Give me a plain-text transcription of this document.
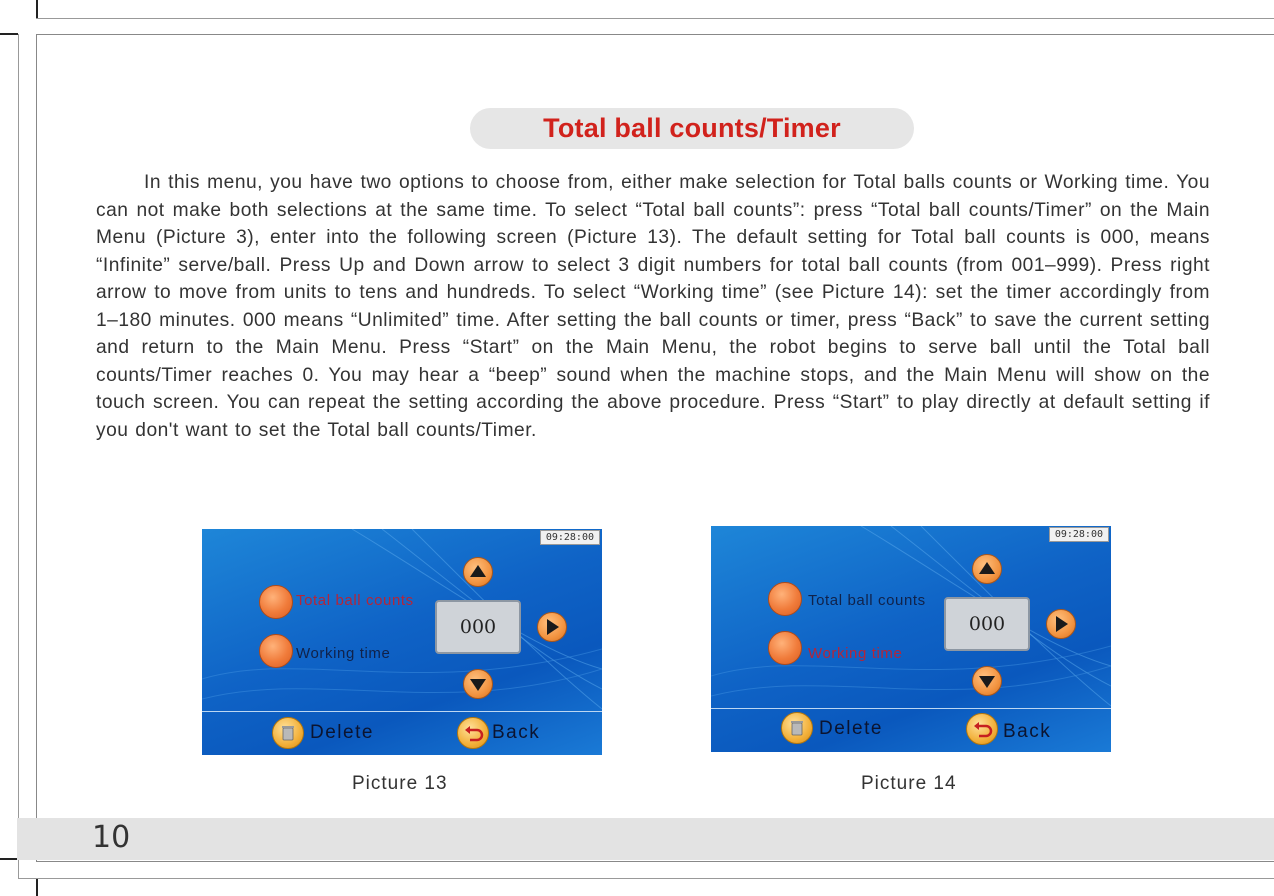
10
Total ball counts/Timer

In this menu, you have two options to choose from, either make selection for Total balls counts or Working time. You can not make both selections at the same time. To select “Total ball counts”: press “Total ball counts/Timer” on the Main Menu (Picture 3), enter into the following screen (Picture 13). The default setting for Total ball counts is 000, means “Infinite” serve/ball. Press Up and Down arrow to select 3 digit numbers for total ball counts (from 001–999). Press right arrow to move from units to tens and hundreds. To select “Working time” (see Picture 14): set the timer accordingly from 1–180 minutes. 000 means “Unlimited” time. After setting the ball counts or timer, press “Back” to save the current setting and return to the Main Menu. Press “Start” on the Main Menu, the robot begins to serve ball until the Total ball counts/Timer reaches 0. You may hear a “beep” sound when the machine stops, and the Main Menu will show on the touch screen. You can repeat the setting according the above procedure. Press “Start” to play directly at default setting if you don't want to set the Total ball counts/Timer.

09:28:00
Total ball counts
Working time
000
Delete	Back
Picture 13
09:28:00
Total ball counts
Working time
000
Delete	Back
Picture 14
